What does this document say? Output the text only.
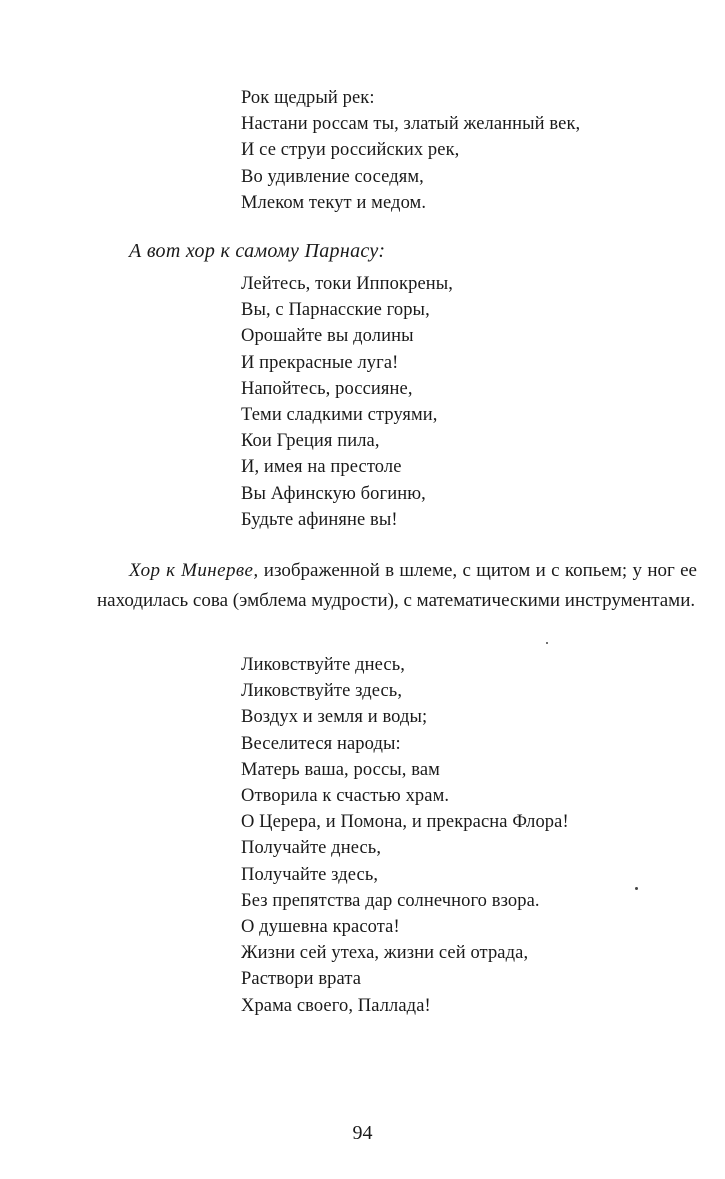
Рок щедрый рек:
Настани россам ты, златый желанный век,
И се струи российских рек,
Во удивление соседям,
Млеком текут и медом.
А вот хор к самому Парнасу:
Лейтесь, токи Иппокрены,
Вы, с Парнасские горы,
Орошайте вы долины
И прекрасные луга!
Напойтесь, россияне,
Теми сладкими струями,
Кои Греция пила,
И, имея на престоле
Вы Афинскую богиню,
Будьте афиняне вы!

Хор к Минерве, изображенной в шлеме, с щитом и с копьем; у ног ее находилась сова (эмблема мудрости), с математическими инструментами.

Ликовствуйте днесь,
Ликовствуйте здесь,
Воздух и земля и воды;
Веселитеся народы:
Матерь ваша, россы, вам
Отворила к счастью храм.
О Церера, и Помона, и прекрасна Флора!
Получайте днесь,
Получайте здесь,
Без препятства дар солнечного взора.
О душевна красота!
Жизни сей утеха, жизни сей отрада,
Раствори врата
Храма своего, Паллада!
94
